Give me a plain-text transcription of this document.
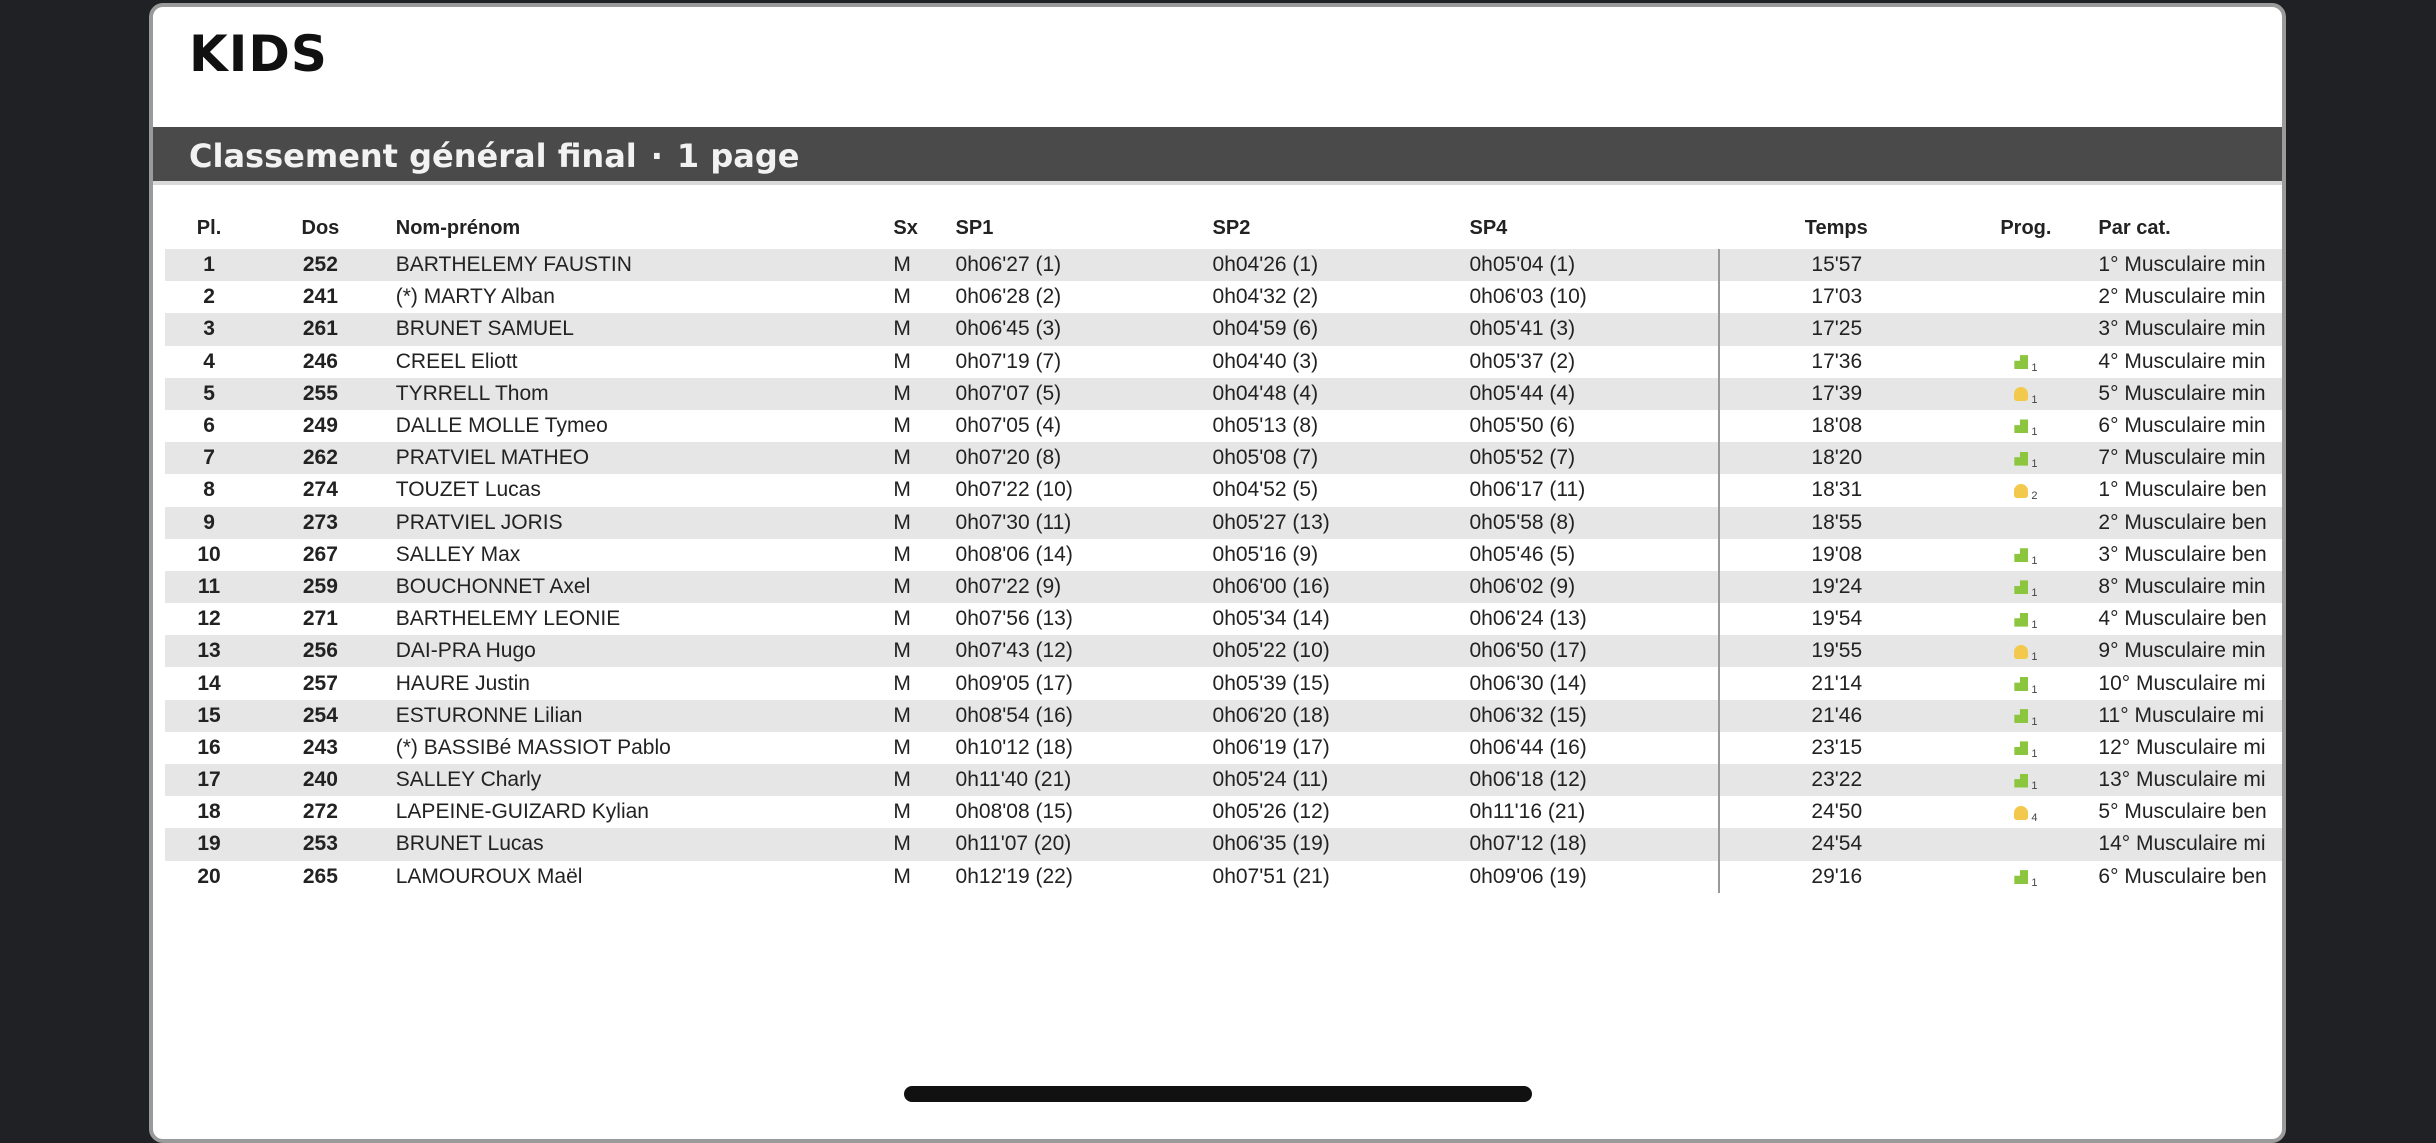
KIDS
Classement général final · 1 page
Pl.	Dos	Nom-prénom	Sx	SP1	SP2	SP4	Temps	Prog.	Par cat.
1	252	BARTHELEMY FAUSTIN	M	0h06'27 (1)	0h04'26 (1)	0h05'04 (1)	15'57		1° Musculaire min
2	241	(*) MARTY Alban	M	0h06'28 (2)	0h04'32 (2)	0h06'03 (10)	17'03		2° Musculaire min
3	261	BRUNET SAMUEL	M	0h06'45 (3)	0h04'59 (6)	0h05'41 (3)	17'25		3° Musculaire min
4	246	CREEL Eliott	M	0h07'19 (7)	0h04'40 (3)	0h05'37 (2)	17'36	1	4° Musculaire min
5	255	TYRRELL Thom	M	0h07'07 (5)	0h04'48 (4)	0h05'44 (4)	17'39	1	5° Musculaire min
6	249	DALLE MOLLE Tymeo	M	0h07'05 (4)	0h05'13 (8)	0h05'50 (6)	18'08	1	6° Musculaire min
7	262	PRATVIEL MATHEO	M	0h07'20 (8)	0h05'08 (7)	0h05'52 (7)	18'20	1	7° Musculaire min
8	274	TOUZET Lucas	M	0h07'22 (10)	0h04'52 (5)	0h06'17 (11)	18'31	2	1° Musculaire ben
9	273	PRATVIEL JORIS	M	0h07'30 (11)	0h05'27 (13)	0h05'58 (8)	18'55		2° Musculaire ben
10	267	SALLEY Max	M	0h08'06 (14)	0h05'16 (9)	0h05'46 (5)	19'08	1	3° Musculaire ben
11	259	BOUCHONNET Axel	M	0h07'22 (9)	0h06'00 (16)	0h06'02 (9)	19'24	1	8° Musculaire min
12	271	BARTHELEMY LEONIE	M	0h07'56 (13)	0h05'34 (14)	0h06'24 (13)	19'54	1	4° Musculaire ben
13	256	DAI-PRA Hugo	M	0h07'43 (12)	0h05'22 (10)	0h06'50 (17)	19'55	1	9° Musculaire min
14	257	HAURE Justin	M	0h09'05 (17)	0h05'39 (15)	0h06'30 (14)	21'14	1	10° Musculaire mi
15	254	ESTURONNE Lilian	M	0h08'54 (16)	0h06'20 (18)	0h06'32 (15)	21'46	1	11° Musculaire mi
16	243	(*) BASSIBé MASSIOT Pablo	M	0h10'12 (18)	0h06'19 (17)	0h06'44 (16)	23'15	1	12° Musculaire mi
17	240	SALLEY Charly	M	0h11'40 (21)	0h05'24 (11)	0h06'18 (12)	23'22	1	13° Musculaire mi
18	272	LAPEINE-GUIZARD Kylian	M	0h08'08 (15)	0h05'26 (12)	0h11'16 (21)	24'50	4	5° Musculaire ben
19	253	BRUNET Lucas	M	0h11'07 (20)	0h06'35 (19)	0h07'12 (18)	24'54		14° Musculaire mi
20	265	LAMOUROUX Maël	M	0h12'19 (22)	0h07'51 (21)	0h09'06 (19)	29'16	1	6° Musculaire ben
